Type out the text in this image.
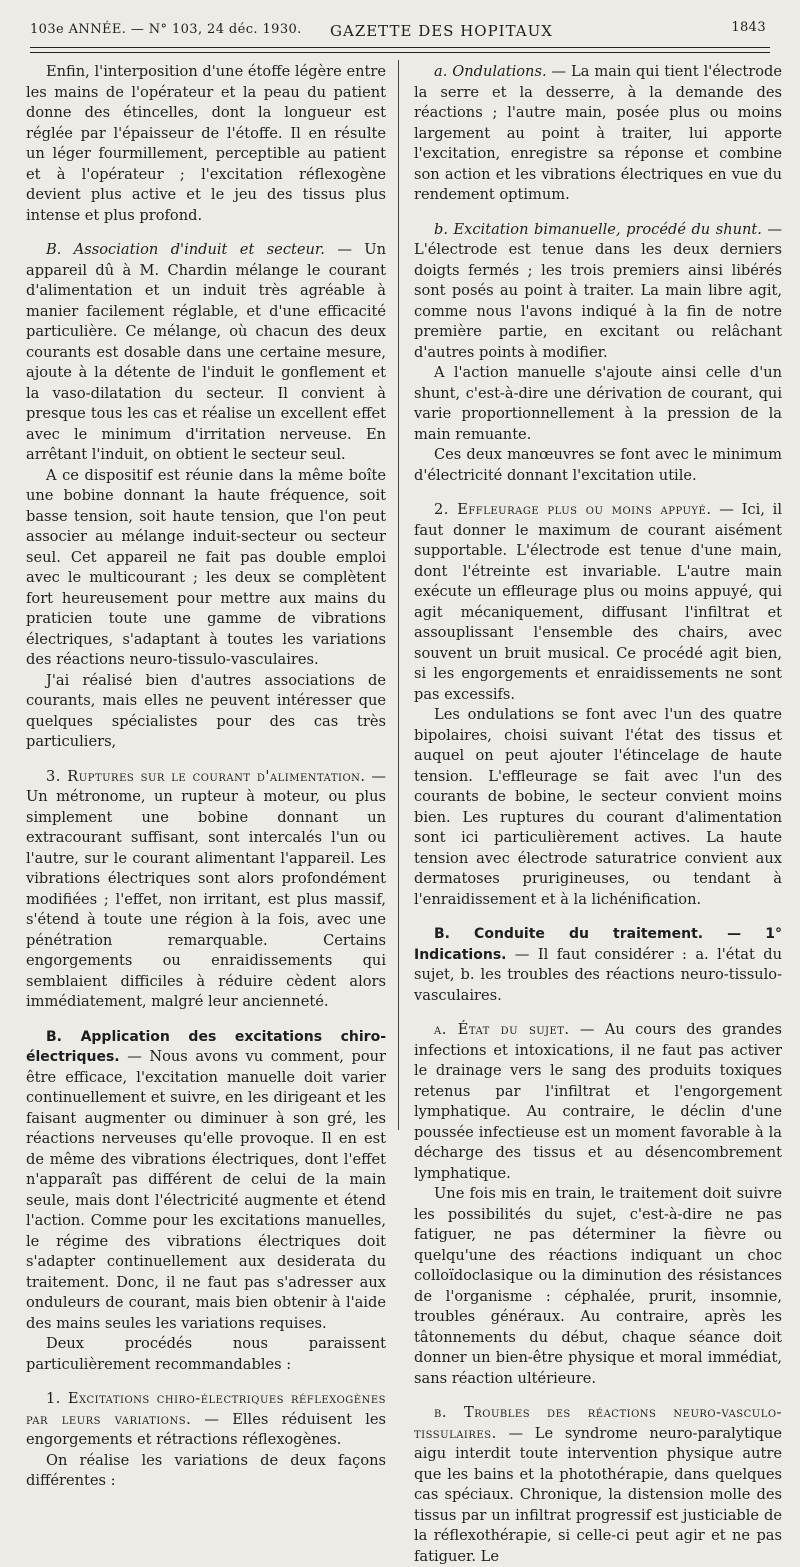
103e ANNÉE. — N° 103, 24 déc. 1930. GAZETTE DES HOPITAUX	1843

Enfin, l'interposition d'une étoffe légère entre les mains de l'opérateur et la peau du patient donne des étincelles, dont la longueur est réglée par l'épaisseur de l'étoffe. Il en résulte un léger fourmillement, perceptible au patient et à l'opérateur ; l'excitation réflexogène devient plus active et le jeu des tissus plus intense et plus profond.

B. Association d'induit et secteur. — Un appareil dû à M. Chardin mélange le courant d'alimentation et un induit très agréable à manier facilement réglable, et d'une efficacité particulière. Ce mélange, où chacun des deux courants est dosable dans une certaine mesure, ajoute à la détente de l'induit le gonflement et la vaso-dilatation du secteur. Il convient à presque tous les cas et réalise un excellent effet avec le minimum d'irritation nerveuse. En arrêtant l'induit, on obtient le secteur seul.

A ce dispositif est réunie dans la même boîte une bobine donnant la haute fréquence, soit basse tension, soit haute tension, que l'on peut associer au mélange induit-secteur ou secteur seul. Cet appareil ne fait pas double emploi avec le multicourant ; les deux se complètent fort heureusement pour mettre aux mains du praticien toute une gamme de vibrations électriques, s'adaptant à toutes les variations des réactions neuro-tissulo-vasculaires.

J'ai réalisé bien d'autres associations de courants, mais elles ne peuvent intéresser que quelques spécialistes pour des cas très particuliers,

3. Ruptures sur le courant d'alimentation. — Un métronome, un rupteur à moteur, ou plus simplement une bobine donnant un extracourant suffisant, sont intercalés l'un ou l'autre, sur le courant alimentant l'appareil. Les vibrations électriques sont alors profondément modifiées ; l'effet, non irritant, est plus massif, s'étend à toute une région à la fois, avec une pénétration remarquable. Certains engorgements ou enraidissements qui semblaient difficiles à réduire cèdent alors immédiatement, malgré leur ancienneté.

B. Application des excitations chiro-électriques. — Nous avons vu comment, pour être efficace, l'excitation manuelle doit varier continuellement et suivre, en les dirigeant et les faisant augmenter ou diminuer à son gré, les réactions nerveuses qu'elle provoque. Il en est de même des vibrations électriques, dont l'effet n'apparaît pas différent de celui de la main seule, mais dont l'électricité augmente et étend l'action. Comme pour les excitations manuelles, le régime des vibrations électriques doit s'adapter continuellement aux desiderata du traitement. Donc, il ne faut pas s'adresser aux onduleurs de courant, mais bien obtenir à l'aide des mains seules les variations requises.

Deux procédés nous paraissent particulièrement recommandables :

1. Excitations chiro-électriques réflexogènes par leurs variations. — Elles réduisent les engorgements et rétractions réflexogènes.

On réalise les variations de deux façons différentes :

a. Ondulations. — La main qui tient l'électrode la serre et la desserre, à la demande des réactions ; l'autre main, posée plus ou moins largement au point à traiter, lui apporte l'excitation, enregistre sa réponse et combine son action et les vibrations électriques en vue du rendement optimum.

b. Excitation bimanuelle, procédé du shunt. — L'électrode est tenue dans les deux derniers doigts fermés ; les trois premiers ainsi libérés sont posés au point à traiter. La main libre agit, comme nous l'avons indiqué à la fin de notre première partie, en excitant ou relâchant d'autres points à modifier.

A l'action manuelle s'ajoute ainsi celle d'un shunt, c'est-à-dire une dérivation de courant, qui varie proportionnellement à la pression de la main remuante.

Ces deux manœuvres se font avec le minimum d'électricité donnant l'excitation utile.

2. Effleurage plus ou moins appuyé. — Ici, il faut donner le maximum de courant aisément supportable. L'électrode est tenue d'une main, dont l'étreinte est invariable. L'autre main exécute un effleurage plus ou moins appuyé, qui agit mécaniquement, diffusant l'infiltrat et assouplissant l'ensemble des chairs, avec souvent un bruit musical. Ce procédé agit bien, si les engorgements et enraidissements ne sont pas excessifs.

Les ondulations se font avec l'un des quatre bipolaires, choisi suivant l'état des tissus et auquel on peut ajouter l'étincelage de haute tension. L'effleurage se fait avec l'un des courants de bobine, le secteur convient moins bien. Les ruptures du courant d'alimentation sont ici particulièrement actives. La haute tension avec électrode saturatrice convient aux dermatoses prurigineuses, ou tendant à l'enraidissement et à la lichénification.

B. Conduite du traitement. — 1° Indications. — Il faut considérer : a. l'état du sujet, b. les troubles des réactions neuro-tissulo-vasculaires.

a. État du sujet. — Au cours des grandes infections et intoxications, il ne faut pas activer le drainage vers le sang des produits toxiques retenus par l'infiltrat et l'engorgement lymphatique. Au contraire, le déclin d'une poussée infectieuse est un moment favorable à la décharge des tissus et au désencombrement lymphatique.

Une fois mis en train, le traitement doit suivre les possibilités du sujet, c'est-à-dire ne pas fatiguer, ne pas déterminer la fièvre ou quelqu'une des réactions indiquant un choc colloïdoclasique ou la diminution des résistances de l'organisme : céphalée, prurit, insomnie, troubles généraux. Au contraire, après les tâtonnements du début, chaque séance doit donner un bien-être physique et moral immédiat, sans réaction ultérieure.

b. Troubles des réactions neuro-vasculo-tissulaires. — Le syndrome neuro-paralytique aigu interdit toute intervention physique autre que les bains et la photothérapie, dans quelques cas spéciaux. Chronique, la distension molle des tissus par un infiltrat progressif est justiciable de la réflexothérapie, si celle-ci peut agir et ne pas fatiguer. Le
